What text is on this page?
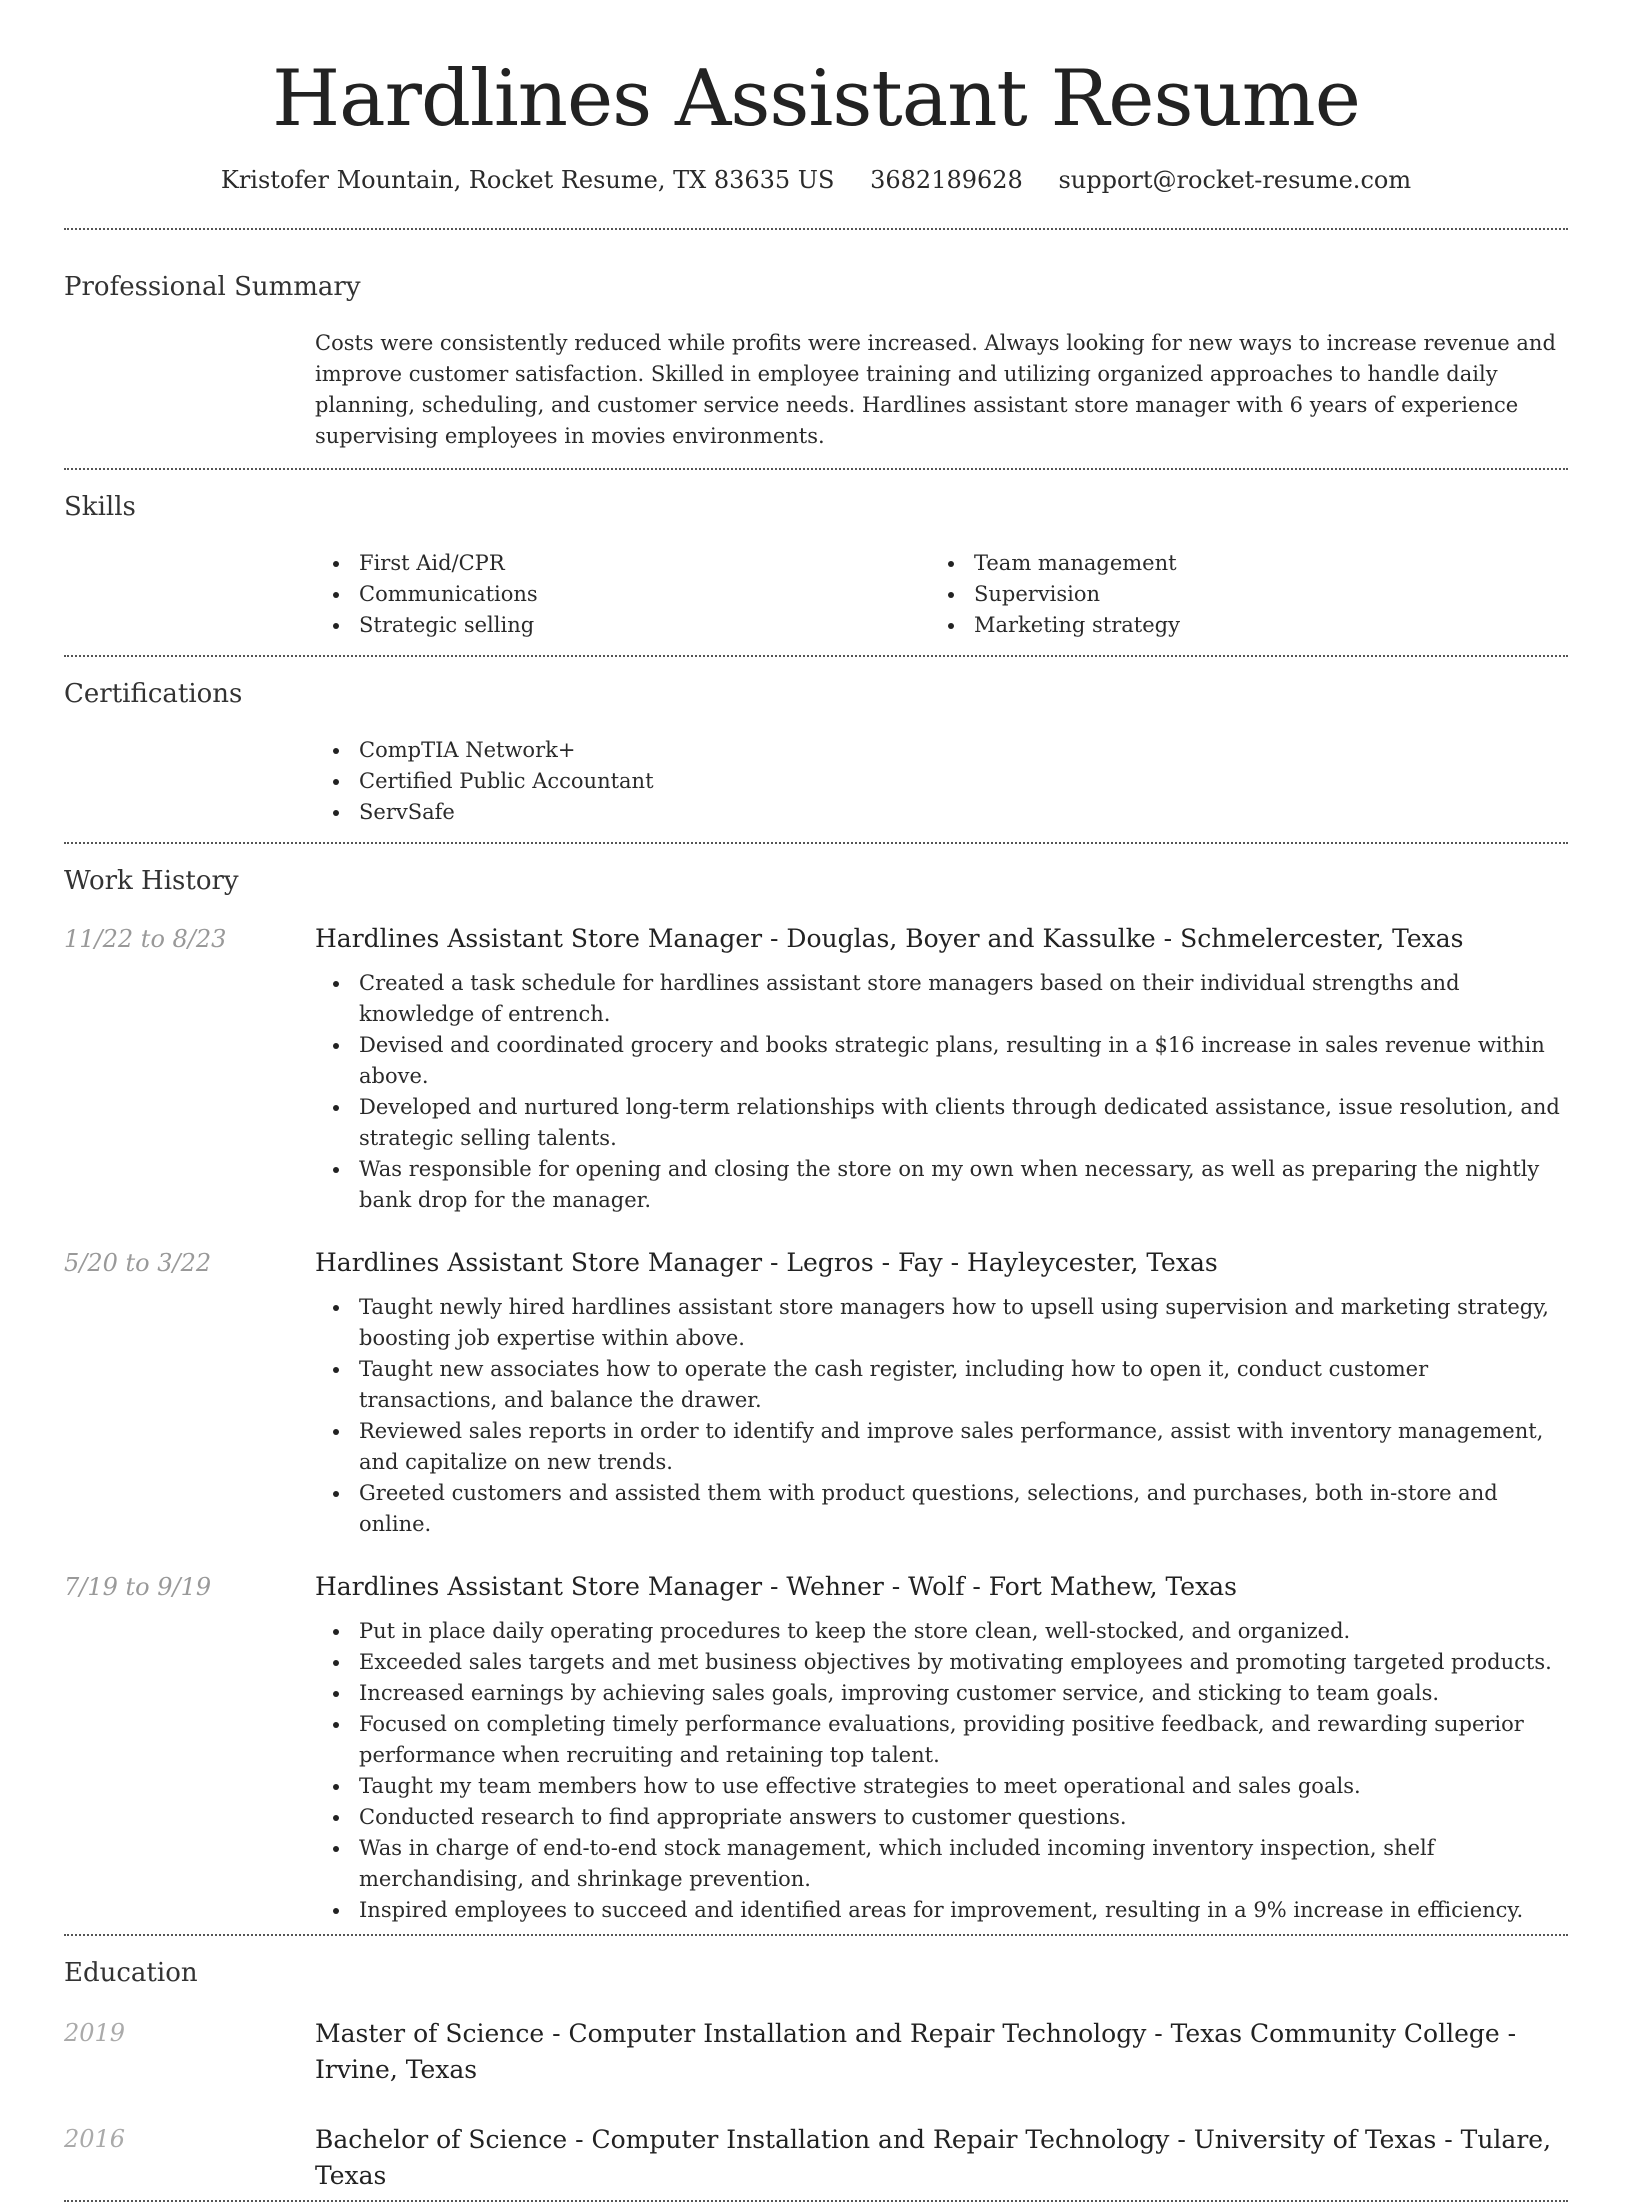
Hardlines Assistant Resume
Kristofer Mountain, Rocket Resume, TX 83635 US 3682189628 support@rocket-resume.com
Professional Summary

Costs were consistently reduced while profits were increased. Always looking for new ways to increase revenue and improve customer satisfaction. Skilled in employee training and utilizing organized approaches to handle daily planning, scheduling, and customer service needs. Hardlines assistant store manager with 6 years of experience supervising employees in movies environments.

Skills
First Aid/CPR
Communications
Strategic selling
Team management
Supervision
Marketing strategy
Certifications
CompTIA Network+
Certified Public Accountant
ServSafe
Work History
11/22 to 8/23	Hardlines Assistant Store Manager - Douglas, Boyer and Kassulke - Schmelercester, Texas
Created a task schedule for hardlines assistant store managers based on their individual strengths and knowledge of entrench.
Devised and coordinated grocery and books strategic plans, resulting in a $16 increase in sales revenue within above.
Developed and nurtured long-term relationships with clients through dedicated assistance, issue resolution, and strategic selling talents.
Was responsible for opening and closing the store on my own when necessary, as well as preparing the nightly bank drop for the manager.
5/20 to 3/22	Hardlines Assistant Store Manager - Legros - Fay - Hayleycester, Texas
Taught newly hired hardlines assistant store managers how to upsell using supervision and marketing strategy, boosting job expertise within above.
Taught new associates how to operate the cash register, including how to open it, conduct customer transactions, and balance the drawer.
Reviewed sales reports in order to identify and improve sales performance, assist with inventory management, and capitalize on new trends.
Greeted customers and assisted them with product questions, selections, and purchases, both in-store and online.
7/19 to 9/19	Hardlines Assistant Store Manager - Wehner - Wolf - Fort Mathew, Texas
Put in place daily operating procedures to keep the store clean, well-stocked, and organized.
Exceeded sales targets and met business objectives by motivating employees and promoting targeted products.
Increased earnings by achieving sales goals, improving customer service, and sticking to team goals.
Focused on completing timely performance evaluations, providing positive feedback, and rewarding superior performance when recruiting and retaining top talent.
Taught my team members how to use effective strategies to meet operational and sales goals.
Conducted research to find appropriate answers to customer questions.
Was in charge of end-to-end stock management, which included incoming inventory inspection, shelf merchandising, and shrinkage prevention.
Inspired employees to succeed and identified areas for improvement, resulting in a 9% increase in efficiency.
Education
2019	Master of Science - Computer Installation and Repair Technology - Texas Community College - Irvine, Texas
2016	Bachelor of Science - Computer Installation and Repair Technology - University of Texas - Tulare, Texas
